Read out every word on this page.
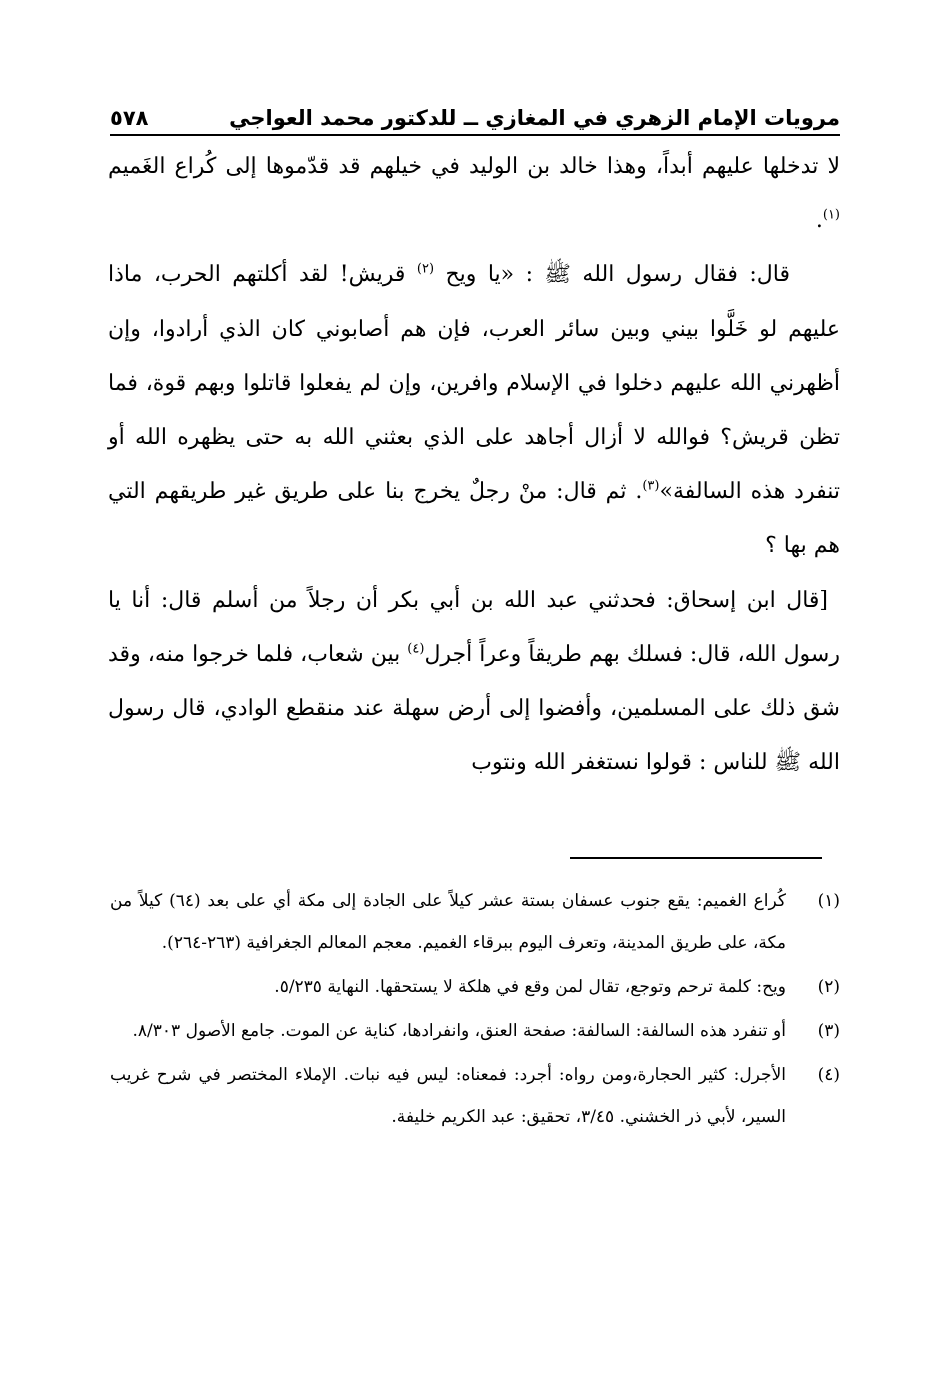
مرويات الإمام الزهري في المغازي ــ للدكتور محمد العواجي
٥٧٨

لا تدخلها عليهم أبداً، وهذا خالد بن الوليد في خيلهم قد قدّموها إلى كُراع الغَميم $^{(١)}$.

قال: فقال رسول الله ﷺ : «يا ويح $^{(٢)}$ قريش! لقد أكلتهم الحرب، ماذا عليهم لو خَلَّوا بيني وبين سائر العرب، فإن هم أصابوني كان الذي أرادوا، وإن أظهرني الله عليهم دخلوا في الإسلام وافرين، وإن لم يفعلوا قاتلوا وبهم قوة، فما تظن قريش؟ فوالله لا أزال أجاهد على الذي بعثني الله به حتى يظهره الله أو تنفرد هذه السالفة»$^{(٣)}$. ثم قال: منْ رجلٌ يخرج بنا على طريق غير طريقهم التي هم بها ؟

[قال ابن إسحاق: فحدثني عبد الله بن أبي بكر أن رجلاً من أسلم قال: أنا يا رسول الله، قال: فسلك بهم طريقاً وعراً أجرل$^{(٤)}$ بين شعاب، فلما خرجوا منه، وقد شق ذلك على المسلمين، وأفضوا إلى أرض سهلة عند منقطع الوادي، قال رسول الله ﷺ للناس : قولوا نستغفر الله ونتوب

(١)
كُراع الغميم: يقع جنوب عسفان بستة عشر كيلاً على الجادة إلى مكة أي على بعد (٦٤) كيلاً من مكة، على طريق المدينة، وتعرف اليوم ببرقاء الغميم. معجم المعالم الجغرافية (٢٦٣-٢٦٤).
(٢)
ويح: كلمة ترحم وتوجع، تقال لمن وقع في هلكة لا يستحقها. النهاية ٥/٢٣٥.
(٣)
أو تنفرد هذه السالفة: السالفة: صفحة العنق، وانفرادها، كناية عن الموت. جامع الأصول ٨/٣٠٣.
(٤)
الأجرل: كثير الحجارة،ومن رواه: أجرد: فمعناه: ليس فيه نبات. الإملاء المختصر في شرح غريب السير، لأبي ذر الخشني. ٣/٤٥، تحقيق: عبد الكريم خليفة.
